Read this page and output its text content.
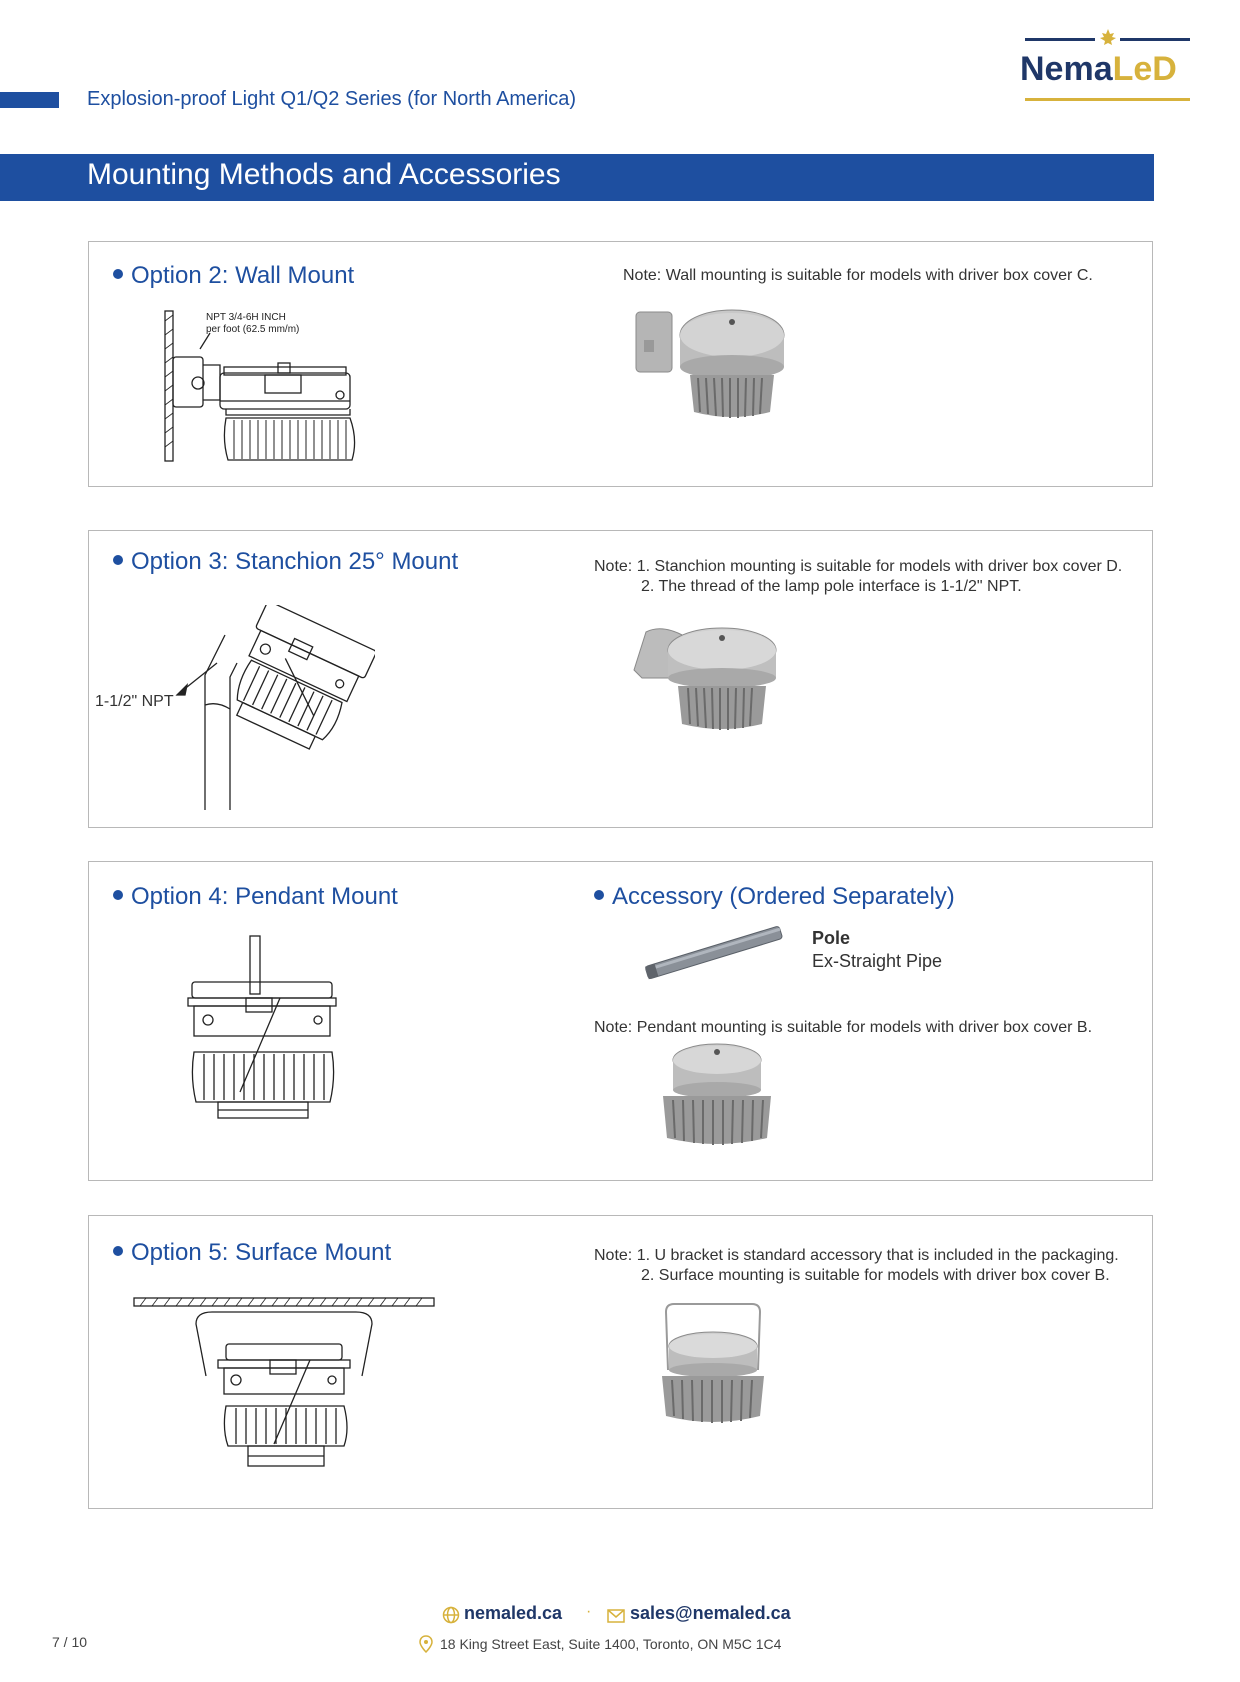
Explosion-proof Light Q1/Q2 Series (for North America)
NemaLeD
Mounting Methods and Accessories
Option 2: Wall Mount	Note: Wall mounting is suitable for models with driver box cover C.
NPT 3/4-6H INCH
per foot (62.5 mm/m)
Option 3: Stanchion 25° Mount	Note: 1. Stanchion mounting is suitable for models with driver box cover D.
2. The thread of the lamp pole interface is 1-1/2" NPT.
1-1/2" NPT
Option 4: Pendant Mount	Accessory (Ordered Separately)
Pole
Ex-Straight Pipe
Note: Pendant mounting is suitable for models with driver box cover B.
Option 5: Surface Mount	Note: 1. U bracket is standard accessory that is included in the packaging.
2. Surface mounting is suitable for models with driver box cover B.
nemaled.ca · sales@nemaled.ca
18 King Street East, Suite 1400, Toronto, ON M5C 1C4
7 / 10
